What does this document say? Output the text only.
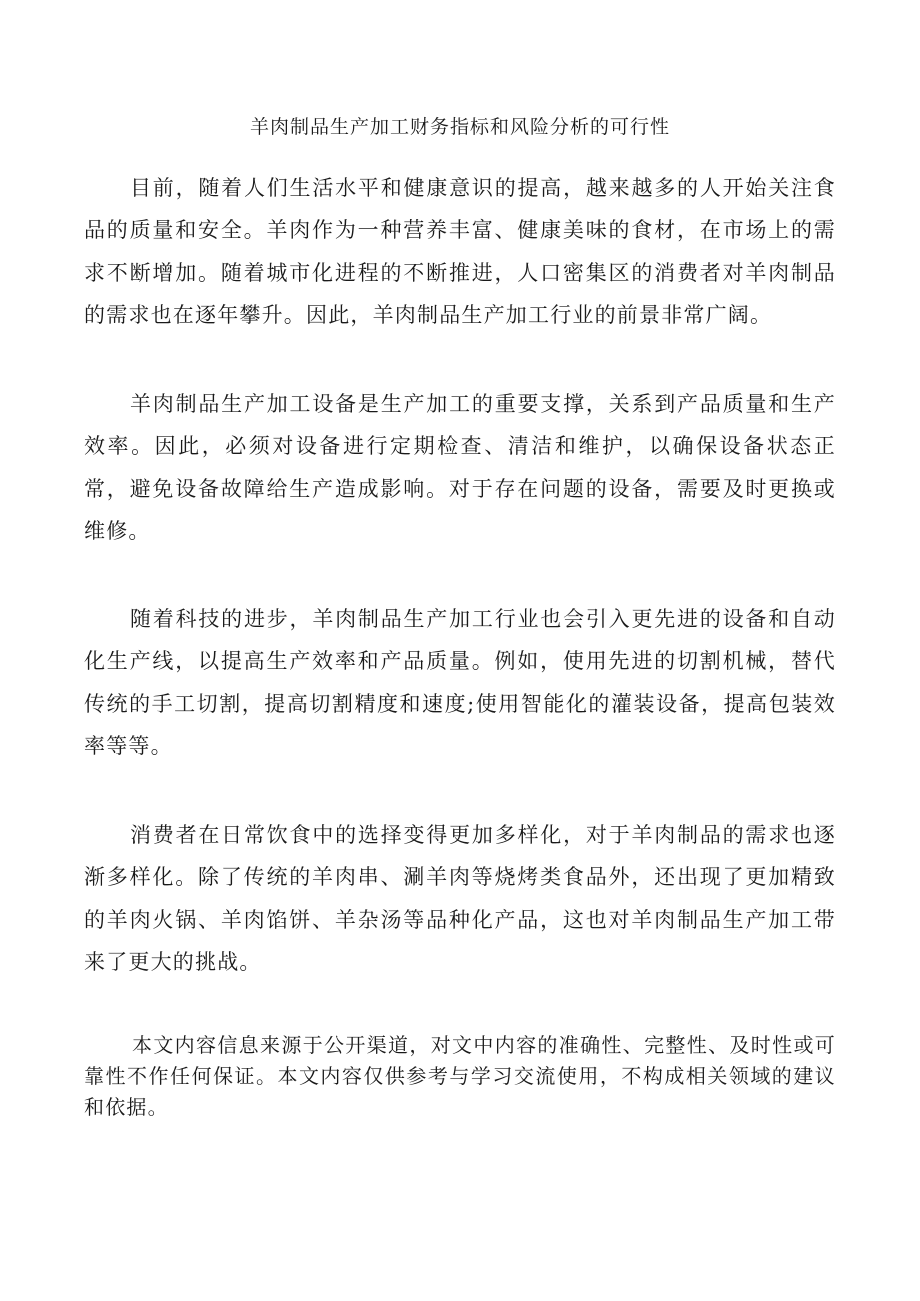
羊肉制品生产加工财务指标和风险分析的可行性

目前，随着人们生活水平和健康意识的提高，越来越多的人开始关注食品的质量和安全。羊肉作为一种营养丰富、健康美味的食材，在市场上的需求不断增加。随着城市化进程的不断推进，人口密集区的消费者对羊肉制品的需求也在逐年攀升。因此，羊肉制品生产加工行业的前景非常广阔。

羊肉制品生产加工设备是生产加工的重要支撑，关系到产品质量和生产效率。因此，必须对设备进行定期检查、清洁和维护，以确保设备状态正常，避免设备故障给生产造成影响。对于存在问题的设备，需要及时更换或维修。

随着科技的进步，羊肉制品生产加工行业也会引入更先进的设备和自动化生产线，以提高生产效率和产品质量。例如，使用先进的切割机械，替代传统的手工切割，提高切割精度和速度;使用智能化的灌装设备，提高包装效率等等。

消费者在日常饮食中的选择变得更加多样化，对于羊肉制品的需求也逐渐多样化。除了传统的羊肉串、涮羊肉等烧烤类食品外，还出现了更加精致的羊肉火锅、羊肉馅饼、羊杂汤等品种化产品，这也对羊肉制品生产加工带来了更大的挑战。

本文内容信息来源于公开渠道，对文中内容的准确性、完整性、及时性或可靠性不作任何保证。本文内容仅供参考与学习交流使用，不构成相关领域的建议和依据。
